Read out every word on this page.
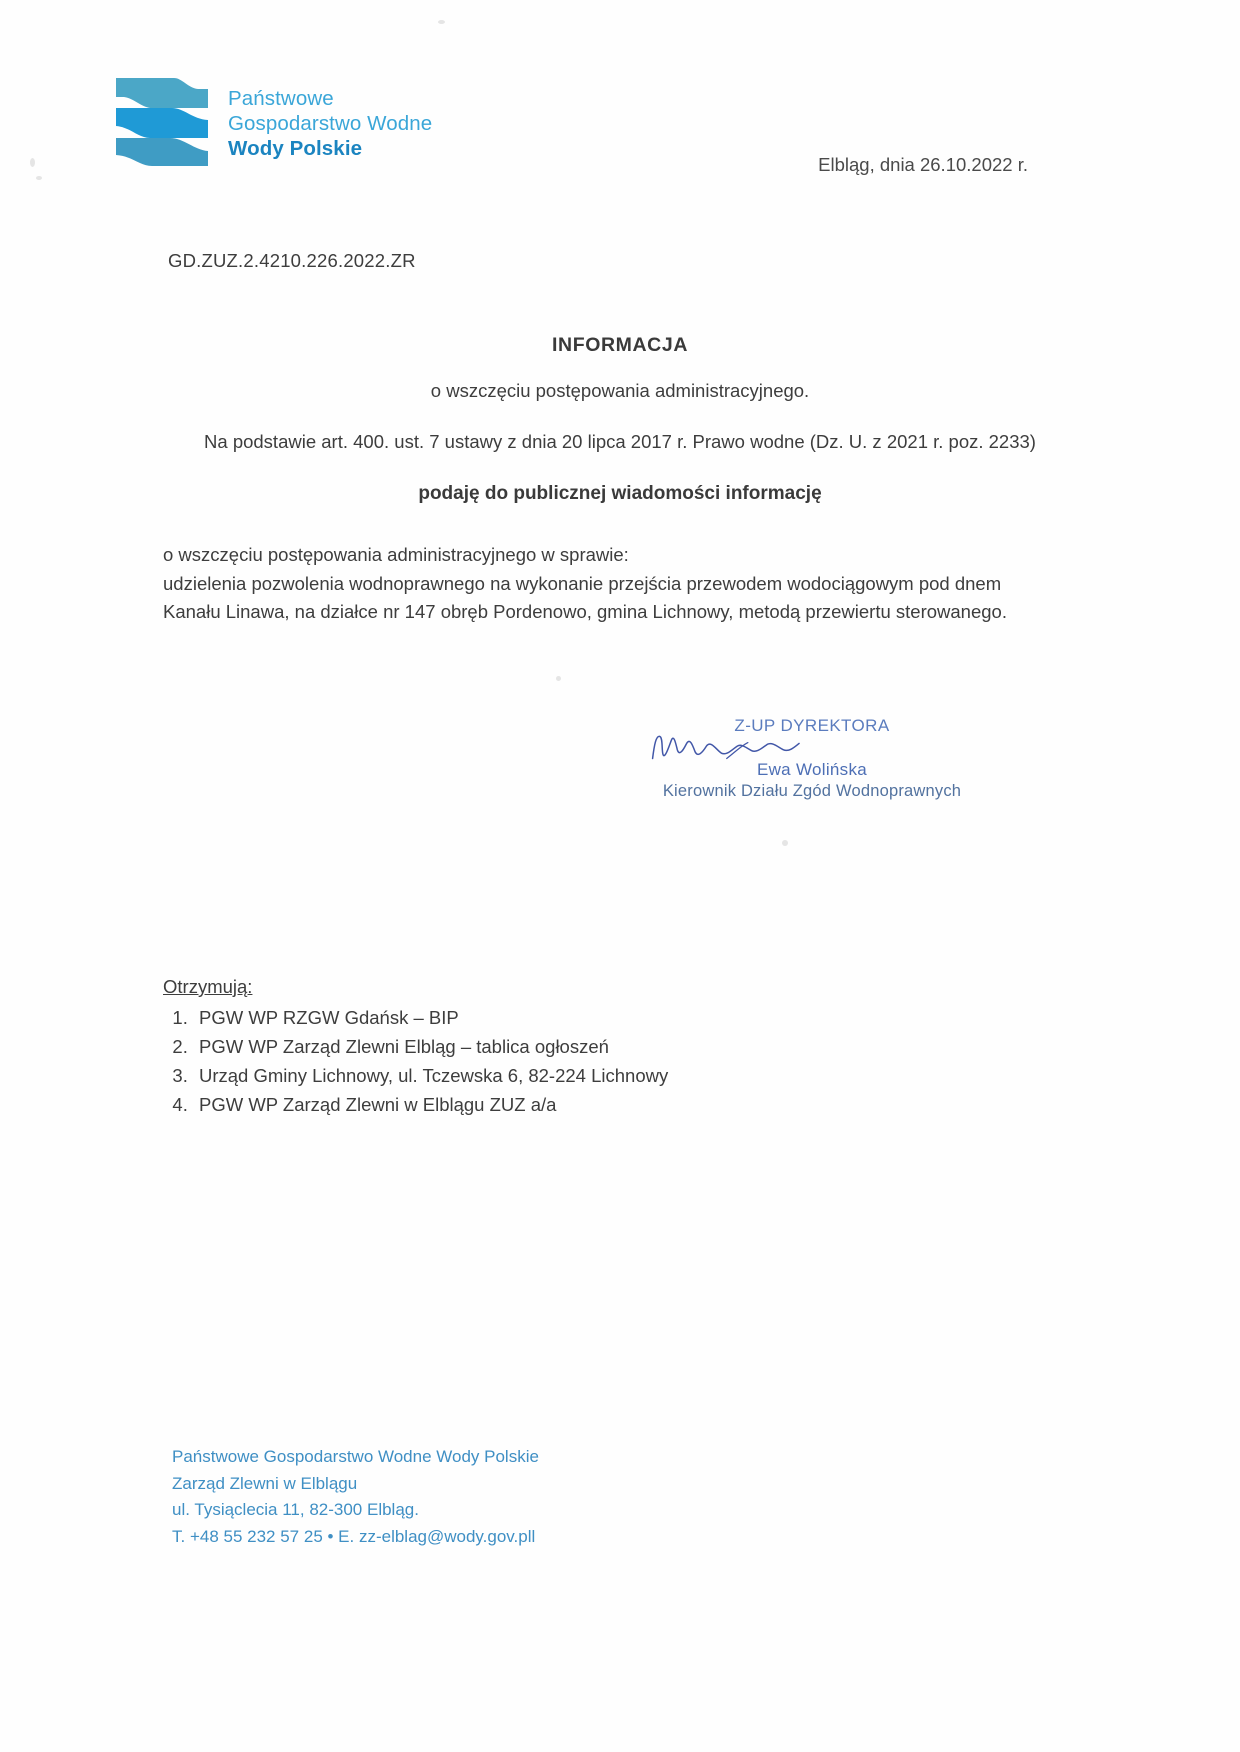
Państwowe
Gospodarstwo Wodne
Wody Polskie
Elbląg, dnia 26.10.2022 r.
GD.ZUZ.2.4210.226.2022.ZR
INFORMACJA
o wszczęciu postępowania administracyjnego.
Na podstawie art. 400. ust. 7 ustawy z dnia 20 lipca 2017 r. Prawo wodne (Dz. U. z 2021 r. poz. 2233)
podaję do publicznej wiadomości informację

o wszczęciu postępowania administracyjnego w sprawie:

udzielenia pozwolenia wodnoprawnego na wykonanie przejścia przewodem wodociągowym pod dnem

Kanału Linawa, na działce nr 147 obręb Pordenowo, gmina Lichnowy, metodą przewiertu sterowanego.

Z-UP DYREKTORA
Ewa Wolińska
Kierownik Działu Zgód Wodnoprawnych
Otrzymują:
1. PGW WP RZGW Gdańsk – BIP
2. PGW WP Zarząd Zlewni Elbląg – tablica ogłoszeń
3. Urząd Gminy Lichnowy, ul. Tczewska 6, 82-224 Lichnowy
4. PGW WP Zarząd Zlewni w Elblągu ZUZ a/a
Państwowe Gospodarstwo Wodne Wody Polskie
Zarząd Zlewni w Elblągu
ul. Tysiąclecia 11, 82-300 Elbląg.
T. +48 55 232 57 25 • E. zz-elblag@wody.gov.pll
